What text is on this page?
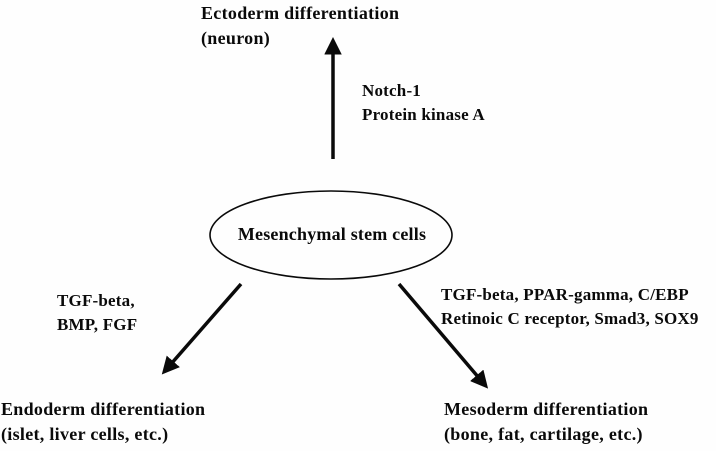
Ectoderm differentiation
(neuron)
Notch-1
Protein kinase A
Mesenchymal stem cells
TGF-beta,
BMP, FGF
TGF-beta, PPAR-gamma, C/EBP
Retinoic C receptor, Smad3, SOX9
Endoderm differentiation
(islet, liver cells, etc.)
Mesoderm differentiation
(bone, fat, cartilage, etc.)
